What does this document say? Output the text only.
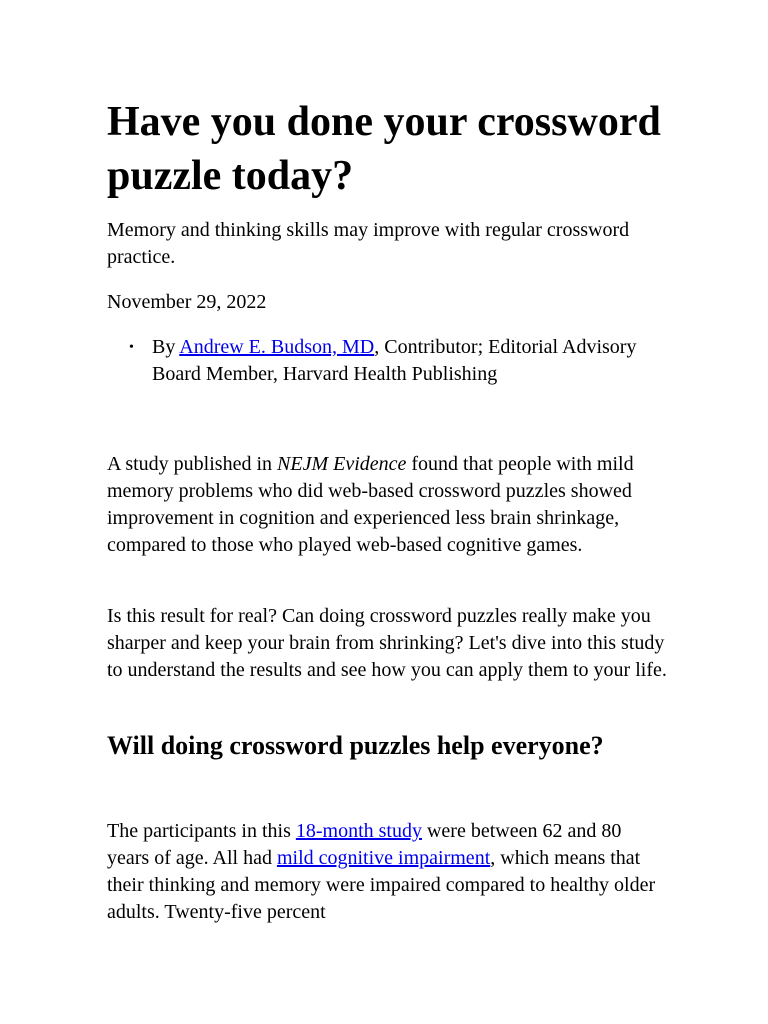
Have you done your crossword puzzle today?

Memory and thinking skills may improve with regular crossword practice.

November 29, 2022

• By Andrew E. Budson, MD, Contributor; Editorial Advisory Board Member, Harvard Health Publishing

A study published in NEJM Evidence found that people with mild memory problems who did web-based crossword puzzles showed improvement in cognition and experienced less brain shrinkage, compared to those who played web-based cognitive games.

Is this result for real? Can doing crossword puzzles really make you sharper and keep your brain from shrinking? Let's dive into this study to understand the results and see how you can apply them to your life.

Will doing crossword puzzles help everyone?

The participants in this 18-month study were between 62 and 80 years of age. All had mild cognitive impairment, which means that their thinking and memory were impaired compared to healthy older adults. Twenty-five percent
